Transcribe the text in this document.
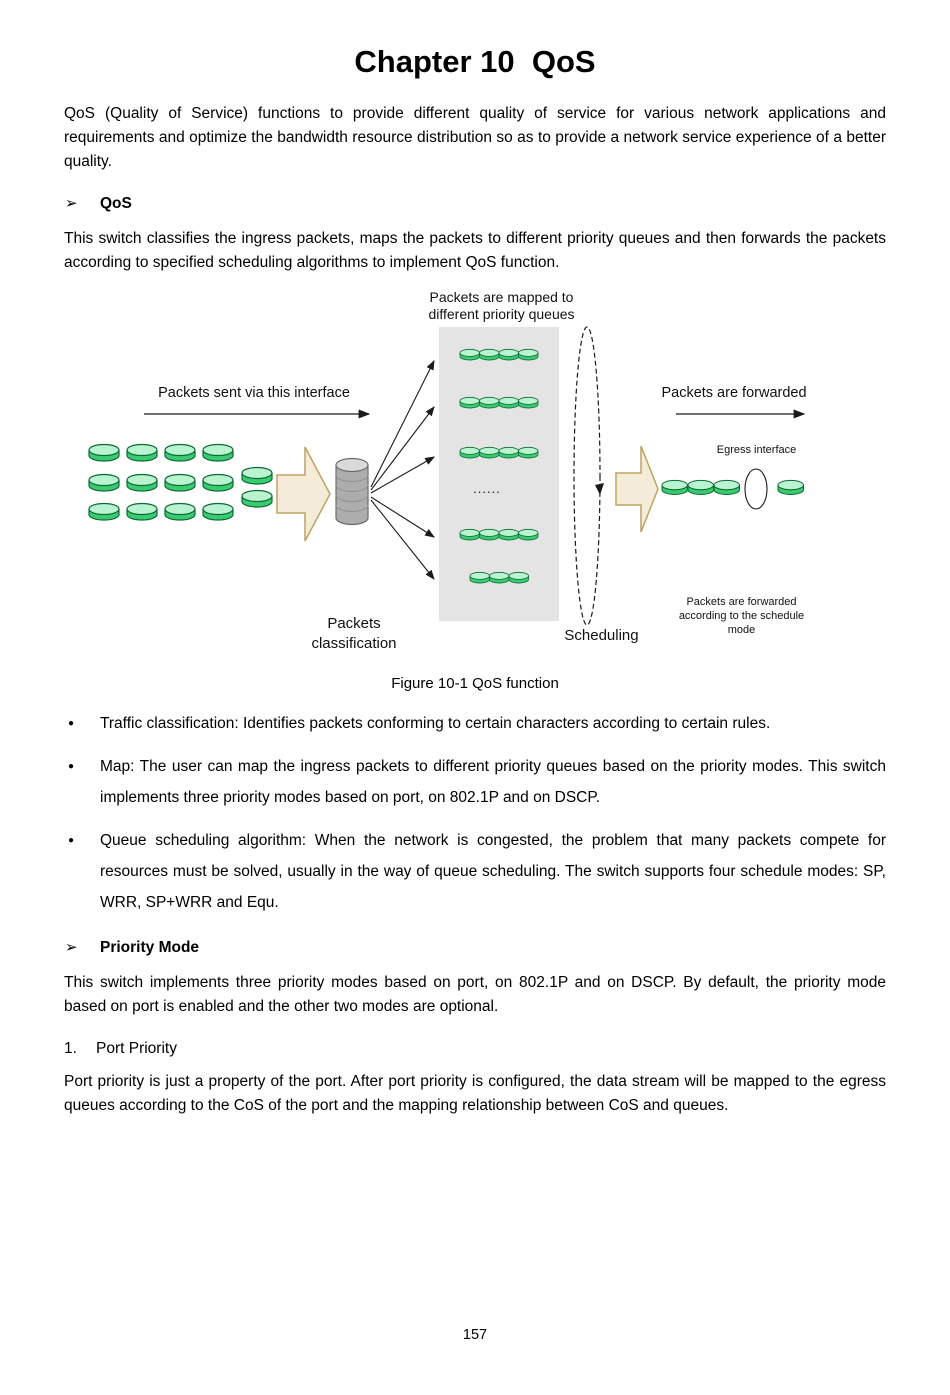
Chapter 10  QoS

QoS (Quality of Service) functions to provide different quality of service for various network applications and requirements and optimize the bandwidth resource distribution so as to provide a network service experience of a better quality.

➢ QoS

This switch classifies the ingress packets, maps the packets to different priority queues and then forwards the packets according to specified scheduling algorithms to implement QoS function.

Packets are mapped to different priority queues
Packets sent via this interface	Packets are forwarded
Egress interface
......
Scheduling
Packets are forwarded according to the schedule mode
Packets classification
Figure 10-1 QoS function
● Traffic classification: Identifies packets conforming to certain characters according to certain rules.
● Map: The user can map the ingress packets to different priority queues based on the priority modes. This switch implements three priority modes based on port, on 802.1P and on DSCP.
● Queue scheduling algorithm: When the network is congested, the problem that many packets compete for resources must be solved, usually in the way of queue scheduling. The switch supports four schedule modes: SP, WRR, SP+WRR and Equ.
➢ Priority Mode

This switch implements three priority modes based on port, on 802.1P and on DSCP. By default, the priority mode based on port is enabled and the other two modes are optional.

1. Port Priority

Port priority is just a property of the port. After port priority is configured, the data stream will be mapped to the egress queues according to the CoS of the port and the mapping relationship between CoS and queues.

157
